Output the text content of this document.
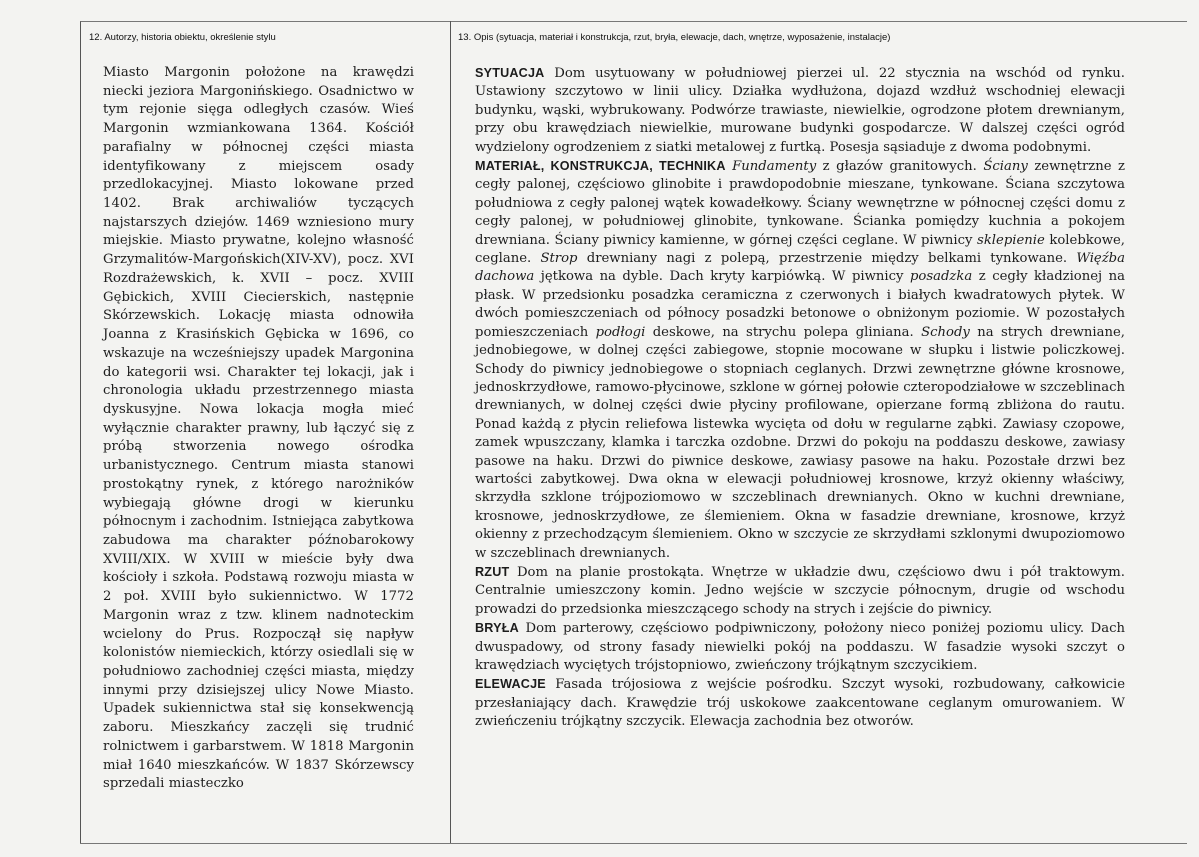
12. Autorzy, historia obiektu, określenie stylu	13. Opis (sytuacja, materiał i konstrukcja, rzut, bryła, elewacje, dach, wnętrze, wyposażenie, instalacje)
Miasto Margonin położone na krawędzi niecki jeziora Margonińskiego. Osadnictwo w tym rejonie sięga odległych czasów. Wieś Margonin wzmiankowana 1364. Kościół parafialny w północnej części miasta identyfikowany z miejscem osady przedlokacyjnej. Miasto lokowane przed 1402. Brak archiwaliów tyczących najstarszych dziejów. 1469 wzniesiono mury miejskie. Miasto prywatne, kolejno własność Grzymalitów-Margońskich(XIV-XV), pocz. XVI Rozdrażewskich, k. XVII – pocz. XVIII Gębickich, XVIII Ciecierskich, następnie Skórzewskich. Lokację miasta odnowiła Joanna z Krasińskich Gębicka w 1696, co wskazuje na wcześniejszy upadek Margonina do kategorii wsi. Charakter tej lokacji, jak i chronologia układu przestrzennego miasta dyskusyjne. Nowa lokacja mogła mieć wyłącznie charakter prawny, lub łączyć się z próbą stworzenia nowego ośrodka urbanistycznego. Centrum miasta stanowi prostokątny rynek, z którego narożników wybiegają główne drogi w kierunku północnym i zachodnim. Istniejąca zabytkowa zabudowa ma charakter późnobarokowy XVIII/XIX. W XVIII w mieście były dwa kościoły i szkoła. Podstawą rozwoju miasta w 2 poł. XVIII było sukiennictwo. W 1772 Margonin wraz z tzw. klinem nadnoteckim wcielony do Prus. Rozpoczął się napływ kolonistów niemieckich, którzy osiedlali się w południowo zachodniej części miasta, między innymi przy dzisiejszej ulicy Nowe Miasto. Upadek sukiennictwa stał się konsekwencją zaboru. Mieszkańcy zaczęli się trudnić rolnictwem i garbarstwem. W 1818 Margonin miał 1640 mieszkańców. W 1837 Skórzewscy sprzedali miasteczko

SYTUACJA Dom usytuowany w południowej pierzei ul. 22 stycznia na wschód od rynku. Ustawiony szczytowo w linii ulicy. Działka wydłużona, dojazd wzdłuż wschodniej elewacji budynku, wąski, wybrukowany. Podwórze trawiaste, niewielkie, ogrodzone płotem drewnianym, przy obu krawędziach niewielkie, murowane budynki gospodarcze. W dalszej części ogród wydzielony ogrodzeniem z siatki metalowej z furtką. Posesja sąsiaduje z dwoma podobnymi.

MATERIAŁ, KONSTRUKCJA, TECHNIKA Fundamenty z głazów granitowych. Ściany zewnętrzne z cegły palonej, częściowo glinobite i prawdopodobnie mieszane, tynkowane. Ściana szczytowa południowa z cegły palonej wątek kowadełkowy. Ściany wewnętrzne w północnej części domu z cegły palonej, w południowej glinobite, tynkowane. Ścianka pomiędzy kuchnia a pokojem drewniana. Ściany piwnicy kamienne, w górnej części ceglane. W piwnicy sklepienie kolebkowe, ceglane. Strop drewniany nagi z polepą, przestrzenie między belkami tynkowane. Więźba dachowa jętkowa na dyble. Dach kryty karpiówką. W piwnicy posadzka z cegły kładzionej na płask. W przedsionku posadzka ceramiczna z czerwonych i białych kwadratowych płytek. W dwóch pomieszczeniach od północy posadzki betonowe o obniżonym poziomie. W pozostałych pomieszczeniach podłogi deskowe, na strychu polepa gliniana. Schody na strych drewniane, jednobiegowe, w dolnej części zabiegowe, stopnie mocowane w słupku i listwie policzkowej. Schody do piwnicy jednobiegowe o stopniach ceglanych. Drzwi zewnętrzne główne krosnowe, jednoskrzydłowe, ramowo-płycinowe, szklone w górnej połowie czteropodziałowe w szczeblinach drewnianych, w dolnej części dwie płyciny profilowane, opierzane formą zbliżona do rautu. Ponad każdą z płycin reliefowa listewka wycięta od dołu w regularne ząbki. Zawiasy czopowe, zamek wpuszczany, klamka i tarczka ozdobne. Drzwi do pokoju na poddaszu deskowe, zawiasy pasowe na haku. Drzwi do piwnice deskowe, zawiasy pasowe na haku. Pozostałe drzwi bez wartości zabytkowej. Dwa okna w elewacji południowej krosnowe, krzyż okienny właściwy, skrzydła szklone trójpoziomowo w szczeblinach drewnianych. Okno w kuchni drewniane, krosnowe, jednoskrzydłowe, ze ślemieniem. Okna w fasadzie drewniane, krosnowe, krzyż okienny z przechodzącym ślemieniem. Okno w szczycie ze skrzydłami szklonymi dwupoziomowo w szczeblinach drewnianych.

RZUT Dom na planie prostokąta. Wnętrze w układzie dwu, częściowo dwu i pół traktowym. Centralnie umieszczony komin. Jedno wejście w szczycie północnym, drugie od wschodu prowadzi do przedsionka mieszczącego schody na strych i zejście do piwnicy.

BRYŁA Dom parterowy, częściowo podpiwniczony, położony nieco poniżej poziomu ulicy. Dach dwuspadowy, od strony fasady niewielki pokój na poddaszu. W fasadzie wysoki szczyt o krawędziach wyciętych trójstopniowo, zwieńczony trójkątnym szczycikiem.

ELEWACJE Fasada trójosiowa z wejście pośrodku. Szczyt wysoki, rozbudowany, całkowicie przesłaniający dach. Krawędzie trój uskokowe zaakcentowane ceglanym omurowaniem. W zwieńczeniu trójkątny szczycik. Elewacja zachodnia bez otworów.
